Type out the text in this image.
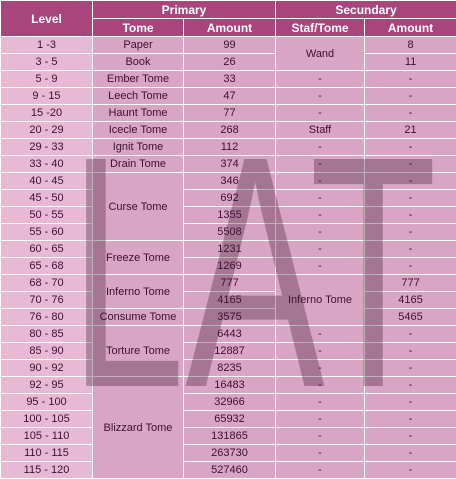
Level	Primary		Secundary	
	Tome	Amount	Staf/Tome	Amount
1 -3	Paper	99	Wand	8
3 - 5	Book	26		11
5 - 9	Ember Tome	33	-	-
9 - 15	Leech Tome	47	-	-
15 -20	Haunt Tome	77	-	-
20 - 29	Icecle Tome	268	Staff	21
29 - 33	Ignit Tome	112	-	-
33 - 40	Drain Tome	374	-	-
40 - 45	Curse Tome	346	-	-
45 - 50		692	-	-
50 - 55		1355	-	-
55 - 60		5508	-	-
60 - 65	Freeze Tome	1231	-	-
65 - 68		1269	-	-
68 - 70	Inferno Tome	777	Inferno Tome	777
70 - 76		4165		4165
76 - 80	Consume Tome	3575		5465
80 - 85	Torture Tome	6443	-	-
85 - 90		12887	-	-
90 - 92		8235	-	-
92 - 95	Blizzard Tome	16483	-	-
95 - 100		32966	-	-
100 - 105		65932	-	-
105 - 110		131865	-	-
110 - 115		263730	-	-
115 - 120		527460	-	-
LAT
